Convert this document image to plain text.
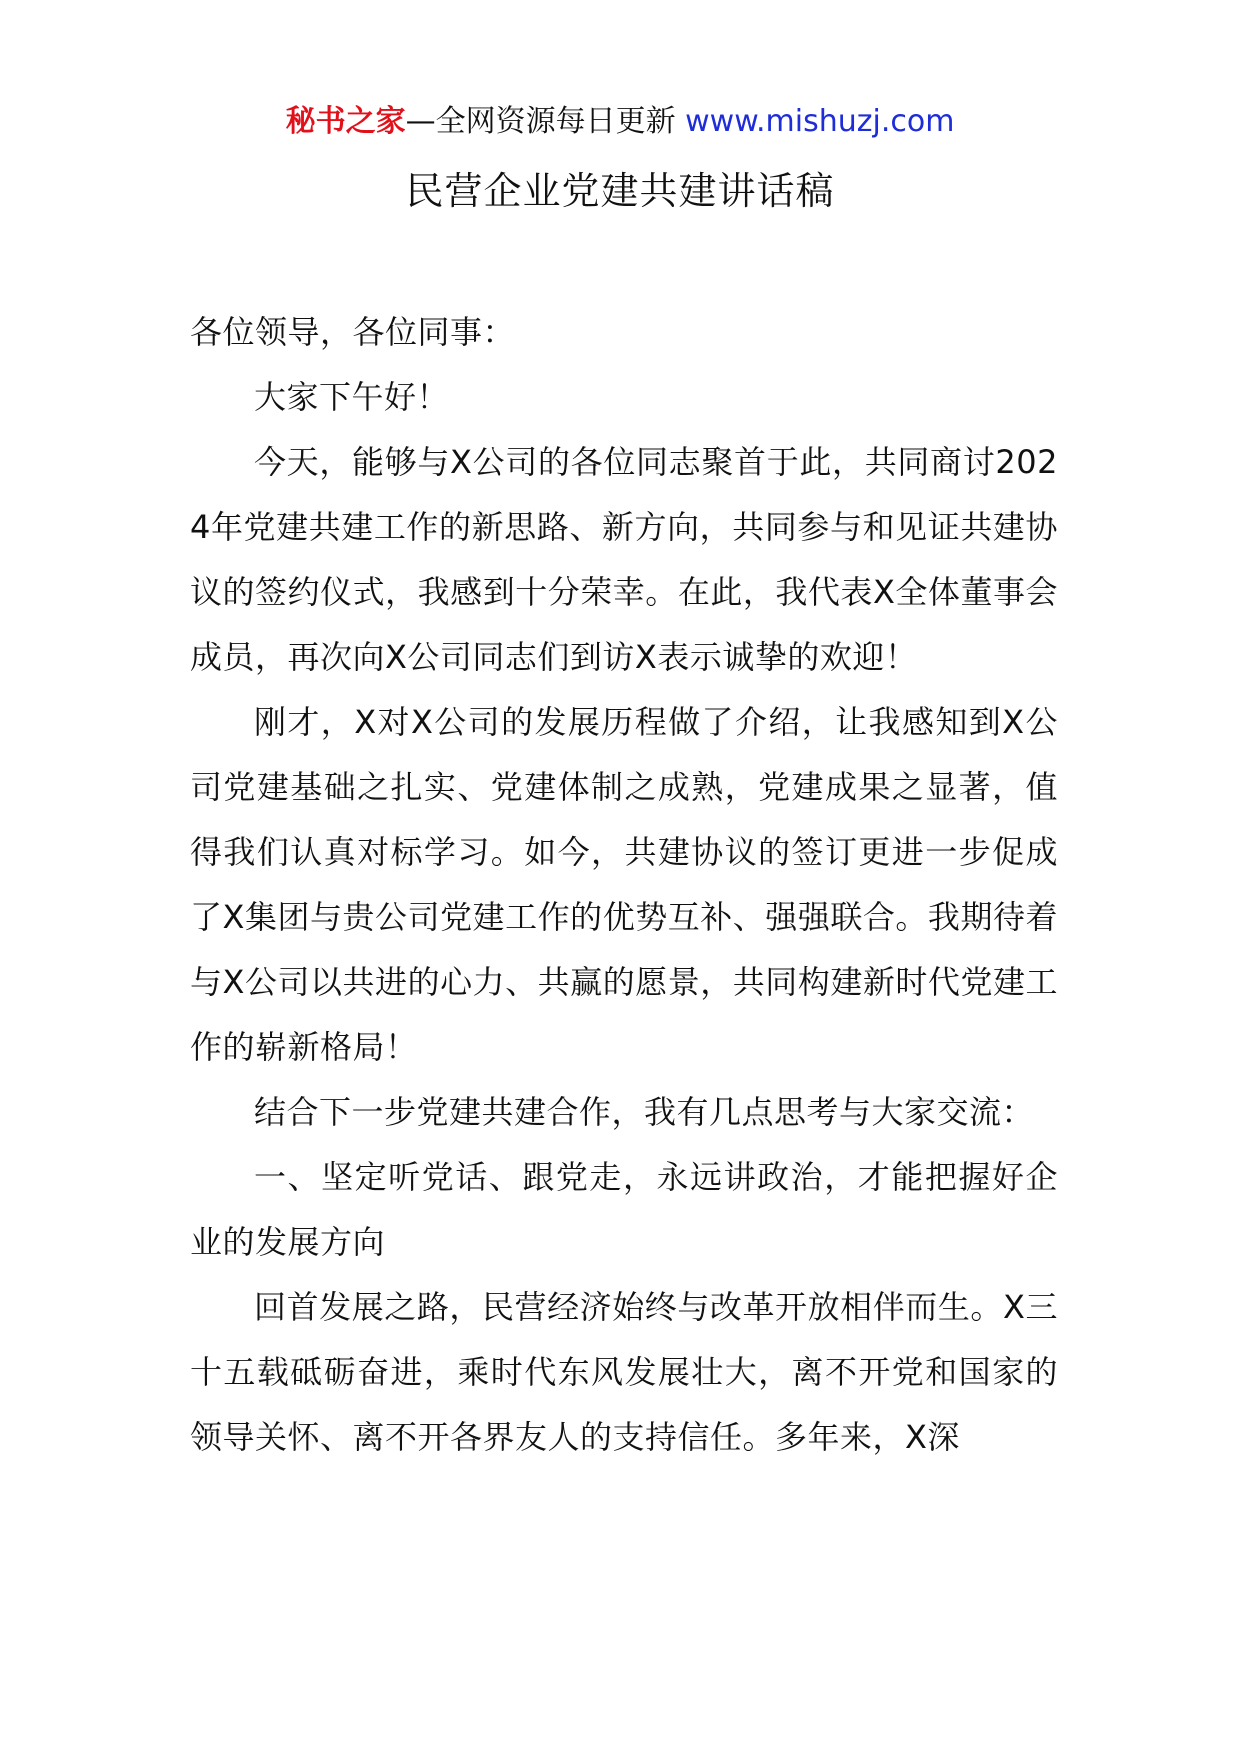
秘书之家—全网资源每日更新 www.mishuzj.com
民营企业党建共建讲话稿

各位领导，各位同事：

大家下午好！

今天，能够与X公司的各位同志聚首于此，共同商讨2024年党建共建工作的新思路、新方向，共同参与和见证共建协议的签约仪式，我感到十分荣幸。在此，我代表X全体董事会成员，再次向X公司同志们到访X表示诚挚的欢迎！

刚才，X对X公司的发展历程做了介绍，让我感知到X公司党建基础之扎实、党建体制之成熟，党建成果之显著，值得我们认真对标学习。如今，共建协议的签订更进一步促成了X集团与贵公司党建工作的优势互补、强强联合。我期待着与X公司以共进的心力、共赢的愿景，共同构建新时代党建工作的崭新格局！

结合下一步党建共建合作，我有几点思考与大家交流：

一、坚定听党话、跟党走，永远讲政治，才能把握好企业的发展方向

回首发展之路，民营经济始终与改革开放相伴而生。X三十五载砥砺奋进，乘时代东风发展壮大，离不开党和国家的领导关怀、离不开各界友人的支持信任。多年来，X深
